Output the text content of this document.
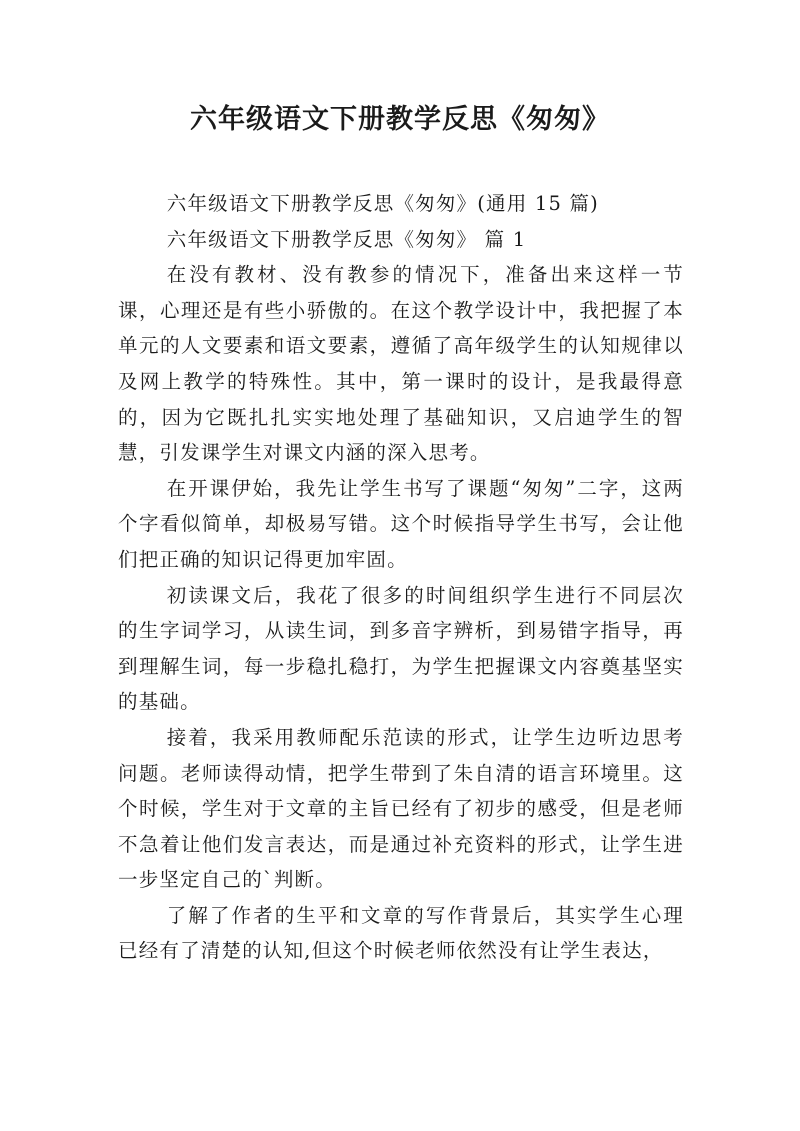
六年级语文下册教学反思《匆匆》

六年级语文下册教学反思《匆匆》(通用 15 篇)

六年级语文下册教学反思《匆匆》 篇 1

在没有教材、没有教参的情况下，准备出来这样一节课，心理还是有些小骄傲的。在这个教学设计中，我把握了本单元的人文要素和语文要素，遵循了高年级学生的认知规律以及网上教学的特殊性。其中，第一课时的设计，是我最得意的，因为它既扎扎实实地处理了基础知识，又启迪学生的智慧，引发课学生对课文内涵的深入思考。

在开课伊始，我先让学生书写了课题“匆匆”二字，这两个字看似简单，却极易写错。这个时候指导学生书写，会让他们把正确的知识记得更加牢固。

初读课文后，我花了很多的时间组织学生进行不同层次的生字词学习，从读生词，到多音字辨析，到易错字指导，再到理解生词，每一步稳扎稳打，为学生把握课文内容奠基坚实的基础。

接着，我采用教师配乐范读的形式，让学生边听边思考问题。老师读得动情，把学生带到了朱自清的语言环境里。这个时候，学生对于文章的主旨已经有了初步的感受，但是老师不急着让他们发言表达，而是通过补充资料的形式，让学生进一步坚定自己的`判断。

了解了作者的生平和文章的写作背景后，其实学生心理已经有了清楚的认知,但这个时候老师依然没有让学生表达，
